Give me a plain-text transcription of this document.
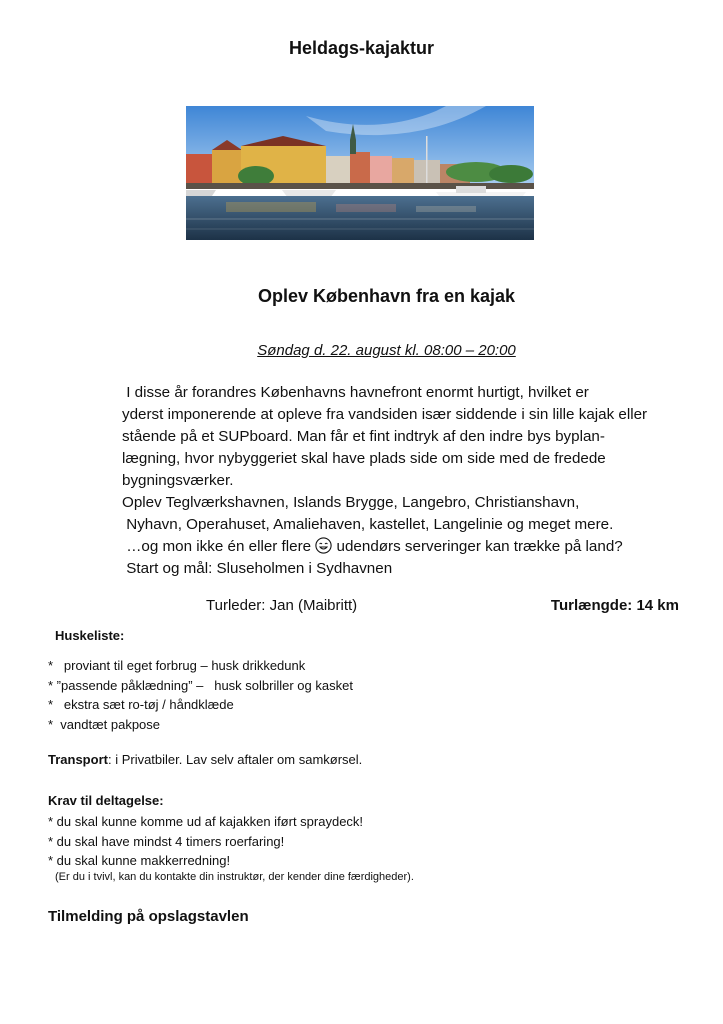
Heldags-kajaktur
Oplev København fra en kajak
Søndag d. 22. august kl. 08:00 – 20:00
I disse år forandres Københavns havnefront enormt hurtigt, hvilket er
yderst imponerende at opleve fra vandsiden især siddende i sin lille kajak eller
stående på et SUPboard. Man får et fint indtryk af den indre bys byplan-
lægning, hvor nybyggeriet skal have plads side om side med de fredede
bygningsværker.
Oplev Teglværkshavnen, Islands Brygge, Langebro, Christianshavn,
Nyhavn, Operahuset, Amaliehaven, kastellet, Langelinie og meget mere.
…og mon ikke én eller flere  udendørs serveringer kan trække på land?
Start og mål: Sluseholmen i Sydhavnen
Turleder: Jan (Maibritt)	Turlængde: 14 km
Huskeliste:
*   proviant til eget forbrug – husk drikkedunk
* ”passende påklædning” –   husk solbriller og kasket
*   ekstra sæt ro-tøj / håndklæde
*  vandtæt pakpose
Transport: i Privatbiler. Lav selv aftaler om samkørsel.
Krav til deltagelse:
* du skal kunne komme ud af kajakken iført spraydeck!
* du skal have mindst 4 timers roerfaring!
* du skal kunne makkerredning!
(Er du i tvivl, kan du kontakte din instruktør, der kender dine færdigheder).
Tilmelding på opslagstavlen
